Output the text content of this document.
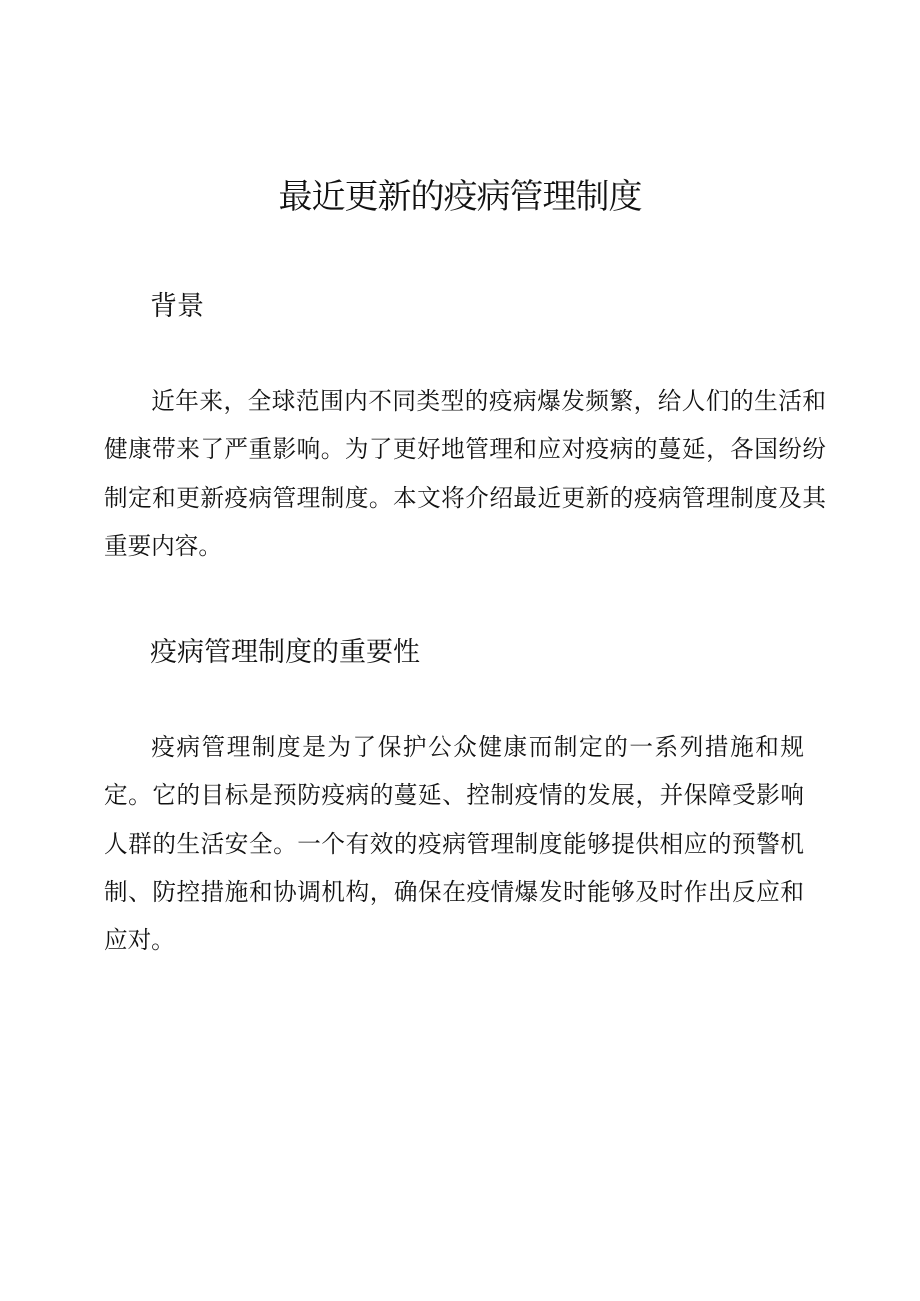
最近更新的疫病管理制度
背景

近年来，全球范围内不同类型的疫病爆发频繁，给人们的生活和健康带来了严重影响。为了更好地管理和应对疫病的蔓延，各国纷纷制定和更新疫病管理制度。本文将介绍最近更新的疫病管理制度及其重要内容。

疫病管理制度的重要性

疫病管理制度是为了保护公众健康而制定的一系列措施和规定。它的目标是预防疫病的蔓延、控制疫情的发展，并保障受影响人群的生活安全。一个有效的疫病管理制度能够提供相应的预警机制、防控措施和协调机构，确保在疫情爆发时能够及时作出反应和应对。
